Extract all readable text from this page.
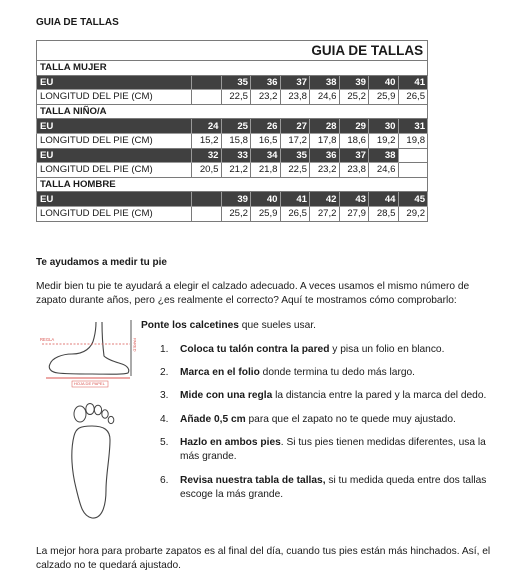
GUIA DE TALLAS
GUIA DE TALLAS								
TALLA MUJER								
EU		35	36	37	38	39	40	41
LONGITUD DEL PIE (CM)		22,5	23,2	23,8	24,6	25,2	25,9	26,5
TALLA NIÑO/A								
EU	24	25	26	27	28	29	30	31
LONGITUD DEL PIE (CM)	15,2	15,8	16,5	17,2	17,8	18,6	19,2	19,8
EU	32	33	34	35	36	37	38	
LONGITUD DEL PIE (CM)	20,5	21,2	21,8	22,5	23,2	23,8	24,6	
TALLA HOMBRE								
EU		39	40	41	42	43	44	45
LONGITUD DEL PIE (CM)		25,2	25,9	26,5	27,2	27,9	28,5	29,2
Te ayudamos a medir tu pie

Medir bien tu pie te ayudará a elegir el calzado adecuado. A veces usamos el mismo número de zapato durante años, pero ¿es realmente el correcto? Aquí te mostramos cómo comprobarlo:

REGLA	PARED
HOJA DE PAPEL
Ponte los calcetines que sueles usar.
1.	Coloca tu talón contra la pared y pisa un folio en blanco.
2.	Marca en el folio donde termina tu dedo más largo.
3.	Mide con una regla la distancia entre la pared y la marca del dedo.
4.	Añade 0,5 cm para que el zapato no te quede muy ajustado.
5.	Hazlo en ambos pies. Si tus pies tienen medidas diferentes, usa la más grande.
6.	Revisa nuestra tabla de tallas, si tu medida queda entre dos tallas escoge la más grande.

La mejor hora para probarte zapatos es al final del día, cuando tus pies están más hinchados. Así, el calzado no te quedará ajustado.
